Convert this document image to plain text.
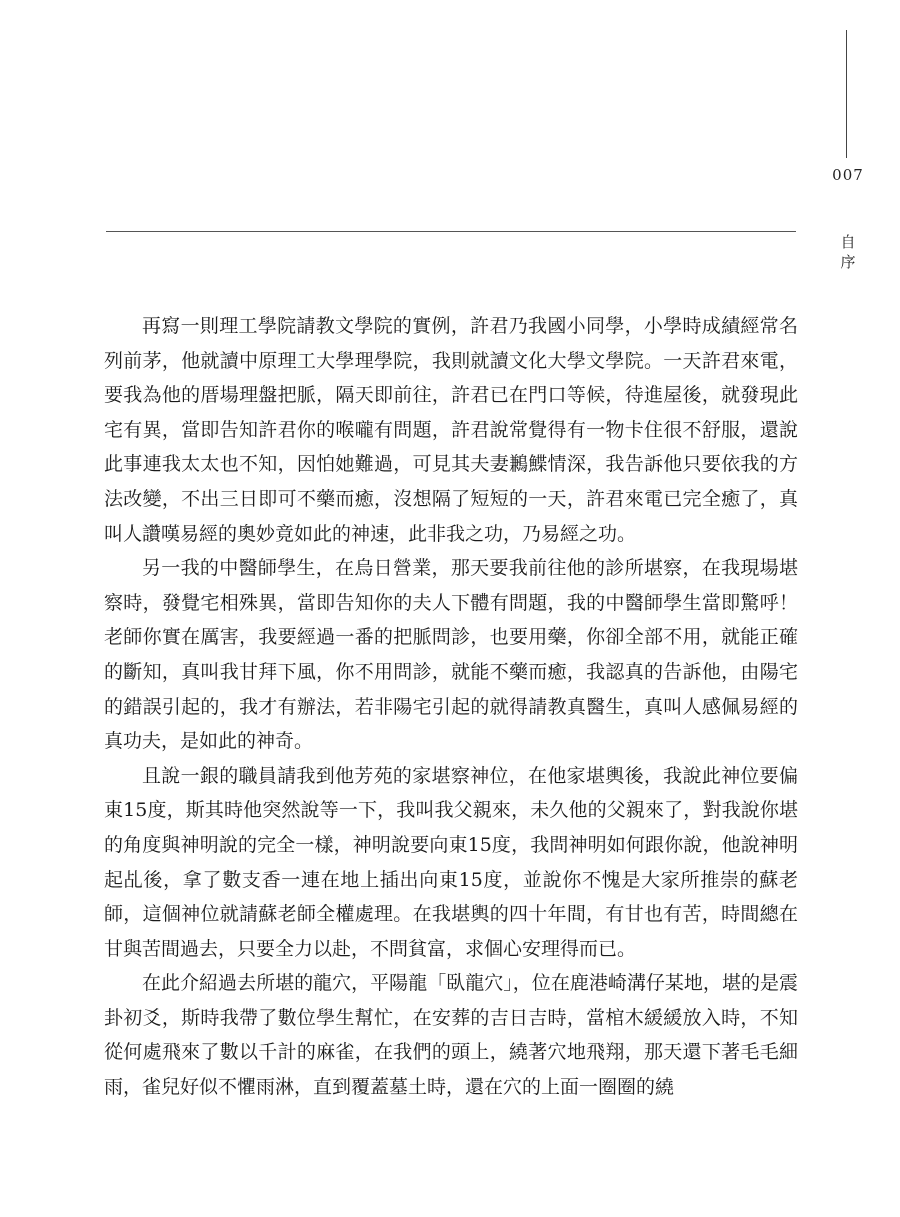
007
自序

再寫一則理工學院請教文學院的實例，許君乃我國小同學，小學時成績經常名列前茅，他就讀中原理工大學理學院，我則就讀文化大學文學院。一天許君來電，要我為他的厝場理盤把脈，隔天即前往，許君已在門口等候，待進屋後，就發現此宅有異，當即告知許君你的喉嚨有問題，許君說常覺得有一物卡住很不舒服，還說此事連我太太也不知，因怕她難過，可見其夫妻鶼鰈情深，我告訴他只要依我的方法改變，不出三日即可不藥而癒，沒想隔了短短的一天，許君來電已完全癒了，真叫人讚嘆易經的奧妙竟如此的神速，此非我之功，乃易經之功。

另一我的中醫師學生，在烏日營業，那天要我前往他的診所堪察，在我現場堪察時，發覺宅相殊異，當即告知你的夫人下體有問題，我的中醫師學生當即驚呼！老師你實在厲害，我要經過一番的把脈問診，也要用藥，你卻全部不用，就能正確的斷知，真叫我甘拜下風，你不用問診，就能不藥而癒，我認真的告訴他，由陽宅的錯誤引起的，我才有辦法，若非陽宅引起的就得請教真醫生，真叫人感佩易經的真功夫，是如此的神奇。

且說一銀的職員請我到他芳苑的家堪察神位，在他家堪輿後，我說此神位要偏東15度，斯其時他突然說等一下，我叫我父親來，未久他的父親來了，對我說你堪的角度與神明說的完全一樣，神明說要向東15度，我問神明如何跟你說，他說神明起乩後，拿了數支香一連在地上插出向東15度，並說你不愧是大家所推崇的蘇老師，這個神位就請蘇老師全權處理。在我堪輿的四十年間，有甘也有苦，時間總在甘與苦間過去，只要全力以赴，不問貧富，求個心安理得而已。

在此介紹過去所堪的龍穴，平陽龍「臥龍穴」，位在鹿港崎溝仔某地，堪的是震卦初爻，斯時我帶了數位學生幫忙，在安葬的吉日吉時，當棺木緩緩放入時，不知從何處飛來了數以千計的麻雀，在我們的頭上，繞著穴地飛翔，那天還下著毛毛細雨，雀兒好似不懼雨淋，直到覆蓋墓土時，還在穴的上面一圈圈的繞
